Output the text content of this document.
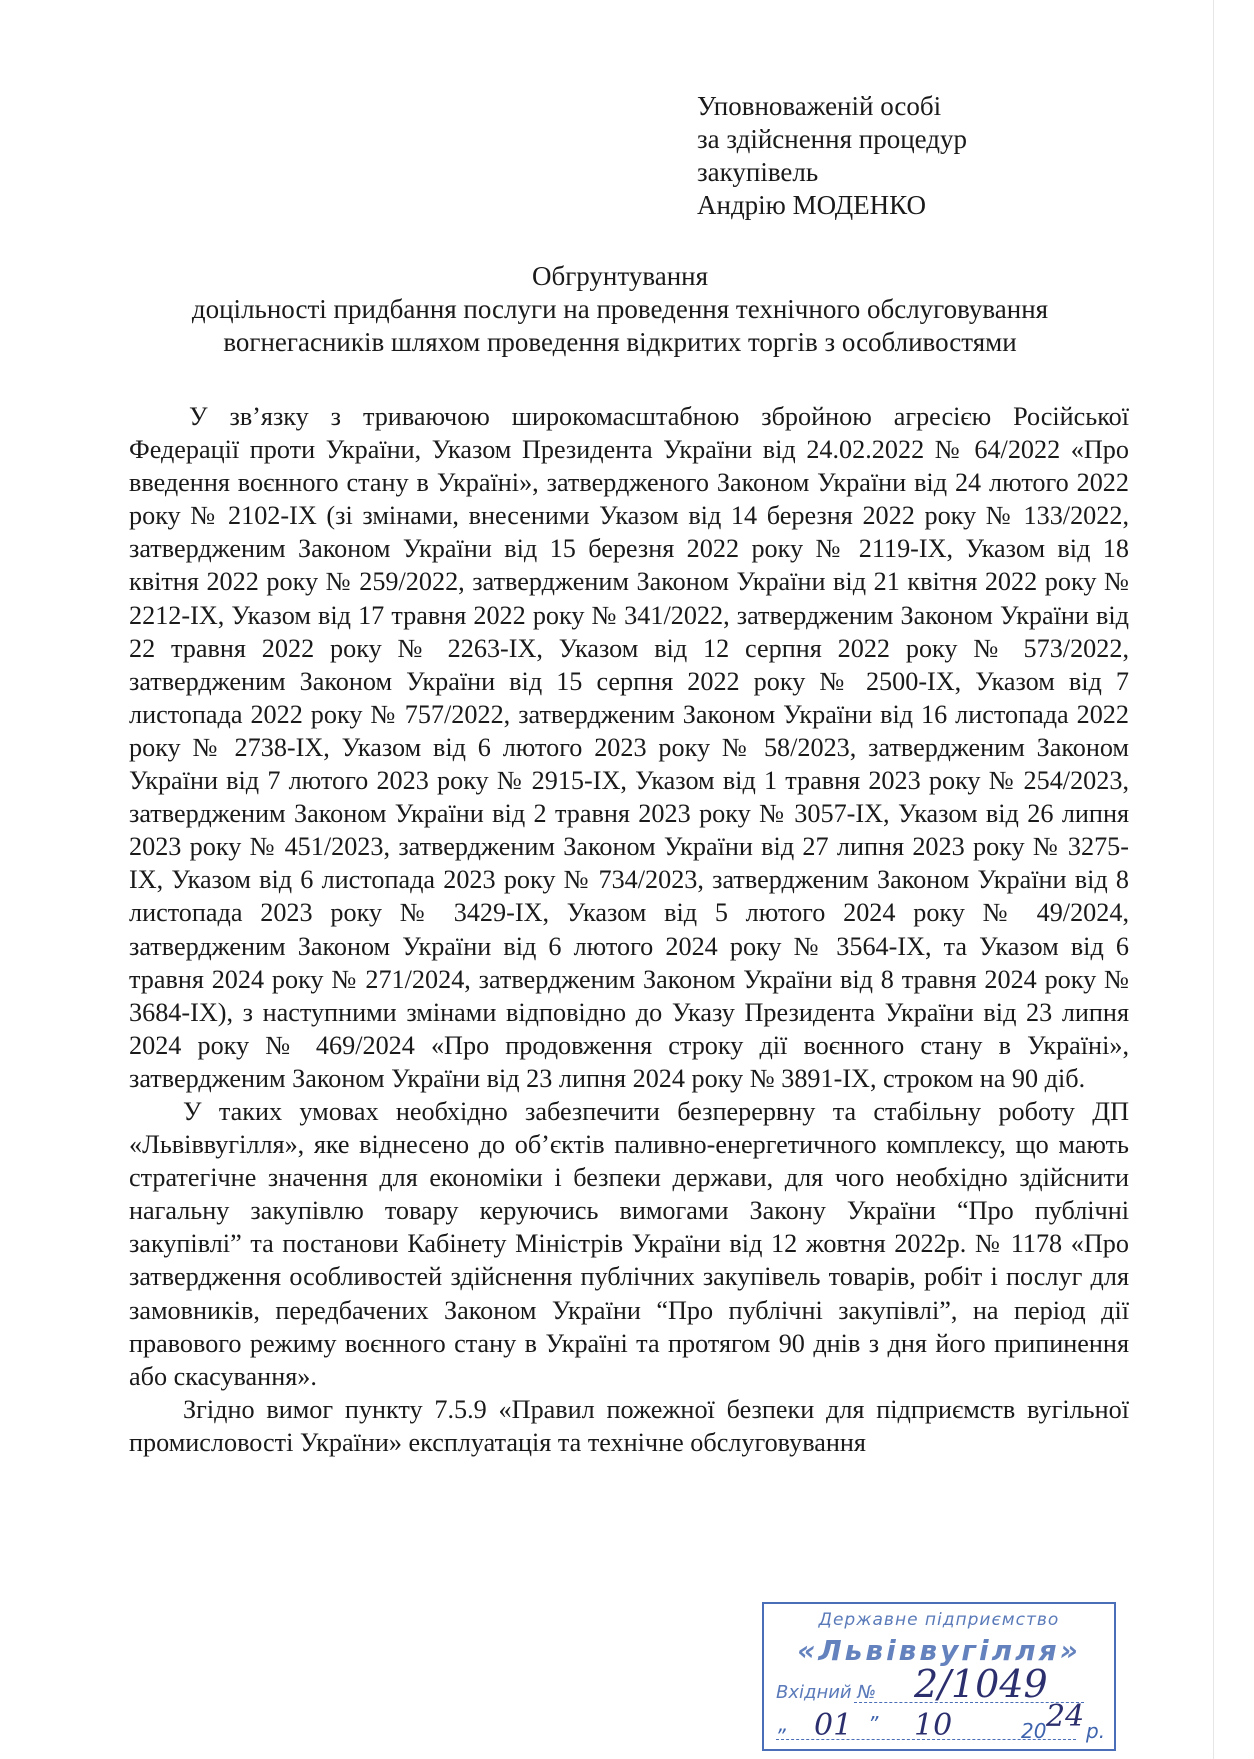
Уповноваженій особі
за здійснення процедур
закупівель
Андрію МОДЕНКО
Обгрунтування
доцільності придбання послуги на проведення технічного обслуговування
вогнегасників шляхом проведення відкритих торгів з особливостями

У зв’язку з триваючою широкомасштабною збройною агресією Російської Федерації проти України, Указом Президента України від 24.02.2022 № 64/2022 «Про введення воєнного стану в Україні», затвердженого Законом України від 24 лютого 2022 року № 2102-IX (зі змінами, внесеними Указом від 14 березня 2022 року № 133/2022, затвердженим Законом України від 15 березня 2022 року № 2119-IX, Указом від 18 квітня 2022 року № 259/2022, затвердженим Законом України від 21 квітня 2022 року № 2212-IX, Указом від 17 травня 2022 року № 341/2022, затвердженим Законом України від 22 травня 2022 року № 2263-IX, Указом від 12 серпня 2022 року № 573/2022, затвердженим Законом України від 15 серпня 2022 року № 2500-IX, Указом від 7 листопада 2022 року № 757/2022, затвердженим Законом України від 16 листопада 2022 року № 2738-IX, Указом від 6 лютого 2023 року № 58/2023, затвердженим Законом України від 7 лютого 2023 року № 2915-IX, Указом від 1 травня 2023 року № 254/2023, затвердженим Законом України від 2 травня 2023 року № 3057-IX, Указом від 26 липня 2023 року № 451/2023, затвердженим Законом України від 27 липня 2023 року № 3275-IX, Указом від 6 листопада 2023 року № 734/2023, затвердженим Законом України від 8 листопада 2023 року № 3429-IX, Указом від 5 лютого 2024 року № 49/2024, затвердженим Законом України від 6 лютого 2024 року № 3564-IX, та Указом від 6 травня 2024 року № 271/2024, затвердженим Законом України від 8 травня 2024 року № 3684-IX), з наступними змінами відповідно до Указу Президента України від 23 липня 2024 року № 469/2024 «Про продовження строку дії воєнного стану в Україні», затвердженим Законом України від 23 липня 2024 року № 3891-IX, строком на 90 діб.

У таких умовах необхідно забезпечити безперервну та стабільну роботу ДП «Львіввугілля», яке віднесено до об’єктів паливно-енергетичного комплексу, що мають стратегічне значення для економіки і безпеки держави, для чого необхідно здійснити нагальну закупівлю товару керуючись вимогами Закону України “Про публічні закупівлі” та постанови Кабінету Міністрів України від 12 жовтня 2022р. № 1178 «Про затвердження особливостей здійснення публічних закупівель товарів, робіт і послуг для замовників, передбачених Законом України “Про публічні закупівлі”, на період дії правового режиму воєнного стану в Україні та протягом 90 днів з дня його припинення або скасування».

Згідно вимог пункту 7.5.9 «Правил пожежної безпеки для підприємств вугільної промисловості України» експлуатація та технічне обслуговування

Державне підприємство
«Львіввугілля»
Вхідний № 2/1049
„ 01 ” 10	20 24 р.
